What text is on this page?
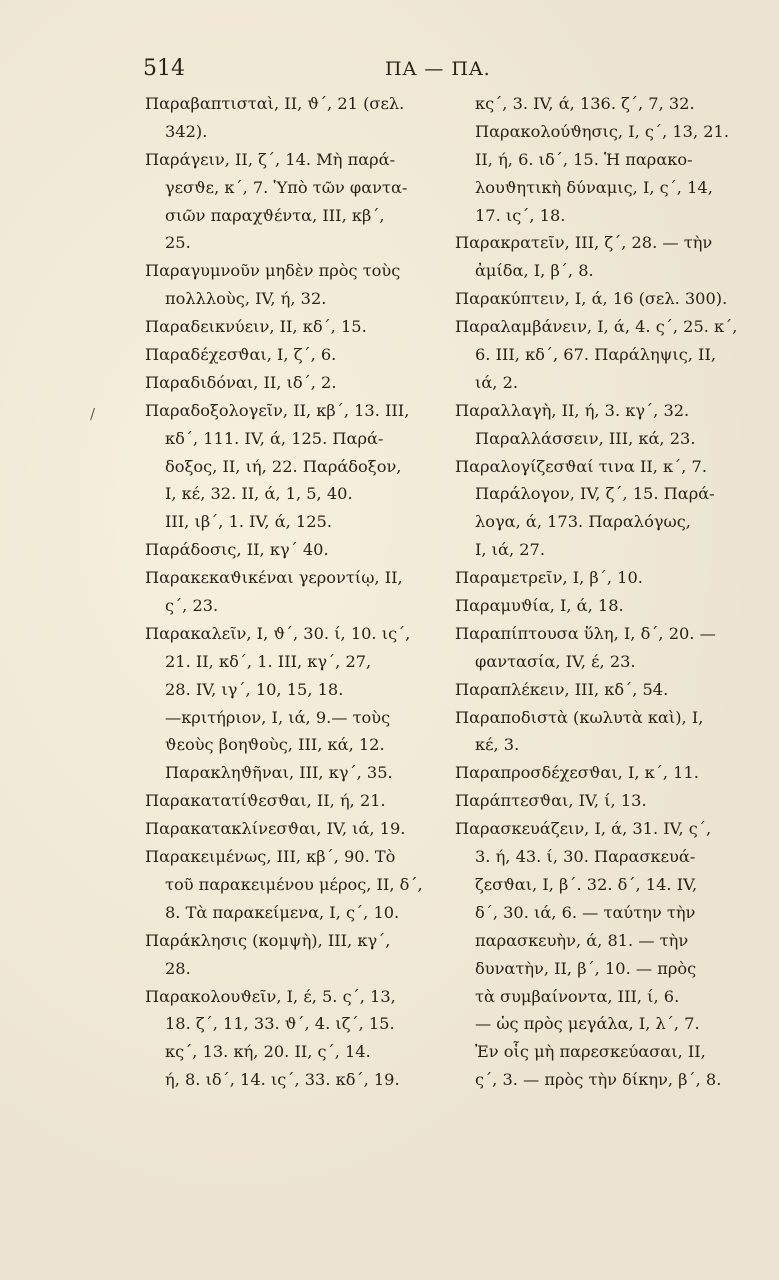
514	ΠΑ — ΠΑ.
/
Παραβαπτισταὶ, II, ϑ΄, 21 (σελ.
342).
Παράγειν, II, ζ΄, 14. Μὴ παρά-
γεσϑε, κ΄, 7. Ὑπὸ τῶν φαντα-
σιῶν παραχϑέντα, III, κβ΄,
25.
Παραγυμνοῦν μηδὲν πρὸς τοὺς
πολλλοὺς, IV, ή, 32.
Παραδεικνύειν, II, κδ΄, 15.
Παραδέχεσϑαι, I, ζ΄, 6.
Παραδιδόναι, II, ιδ΄, 2.
Παραδοξολογεῖν, II, κβ΄, 13. III,
κδ΄, 111. IV, ά, 125. Παρά-
δοξος, II, ιή, 22. Παράδοξον,
I, κέ, 32. II, ά, 1, 5, 40.
III, ιβ΄, 1. IV, ά, 125.
Παράδοσις, II, κγ΄ 40.
Παρακεκαϑικέναι γεροντίῳ, II,
ς΄, 23.
Παρακαλεῖν, I, ϑ΄, 30. ί, 10. ις΄,
21. II, κδ΄, 1. III, κγ΄, 27,
28. IV, ιγ΄, 10, 15, 18.
—κριτήριον, I, ιά, 9.— τοὺς
ϑεοὺς βοηϑοὺς, III, κά, 12.
Παρακληϑῆναι, III, κγ΄, 35.
Παρακατατίϑεσϑαι, II, ή, 21.
Παρακατακλίνεσϑαι, IV, ιά, 19.
Παρακειμένως, III, κβ΄, 90. Τὸ
τοῦ παρακειμένου μέρος, II, δ΄,
8. Τὰ παρακείμενα, I, ς΄, 10.
Παράκλησις (κομψὴ), III, κγ΄,
28.
Παρακολουϑεῖν, I, έ, 5. ς΄, 13,
18. ζ΄, 11, 33. ϑ΄, 4. ιζ΄, 15.
κς΄, 13. κή, 20. II, ς΄, 14.
ή, 8. ιδ΄, 14. ις΄, 33. κδ΄, 19.
κς΄, 3. IV, ά, 136. ζ΄, 7, 32.
Παρακολούϑησις, I, ς΄, 13, 21.
II, ή, 6. ιδ΄, 15. Ἡ παρακο-
λουϑητικὴ δύναμις, I, ς΄, 14,
17. ις΄, 18.
Παρακρατεῖν, III, ζ΄, 28. — τὴν
ἀμίδα, I, β΄, 8.
Παρακύπτειν, I, ά, 16 (σελ. 300).
Παραλαμβάνειν, I, ά, 4. ς΄, 25. κ΄,
6. III, κδ΄, 67. Παράληψις, II,
ιά, 2.
Παραλλαγὴ, II, ή, 3. κγ΄, 32.
Παραλλάσσειν, III, κά, 23.
Παραλογίζεσϑαί τινα II, κ΄, 7.
Παράλογον, IV, ζ΄, 15. Παρά-
λογα, ά, 173. Παραλόγως,
I, ιά, 27.
Παραμετρεῖν, I, β΄, 10.
Παραμυϑία, I, ά, 18.
Παραπίπτουσα ὕλη, I, δ΄, 20. —
φαντασία, IV, έ, 23.
Παραπλέκειν, III, κδ΄, 54.
Παραποδιστὰ (κωλυτὰ καὶ), I,
κέ, 3.
Παραπροσδέχεσϑαι, I, κ΄, 11.
Παράπτεσϑαι, IV, ί, 13.
Παρασκευάζειν, I, ά, 31. IV, ς΄,
3. ή, 43. ί, 30. Παρασκευά-
ζεσϑαι, I, β΄. 32. δ΄, 14. IV,
δ΄, 30. ιά, 6. — ταύτην τὴν
παρασκευὴν, ά, 81. — τὴν
δυνατὴν, II, β΄, 10. — πρὸς
τὰ συμβαίνοντα, III, ί, 6.
— ὡς πρὸς μεγάλα, I, λ΄, 7.
Ἐν οἷς μὴ παρεσκεύασαι, II,
ς΄, 3. — πρὸς τὴν δίκην, β΄, 8.
